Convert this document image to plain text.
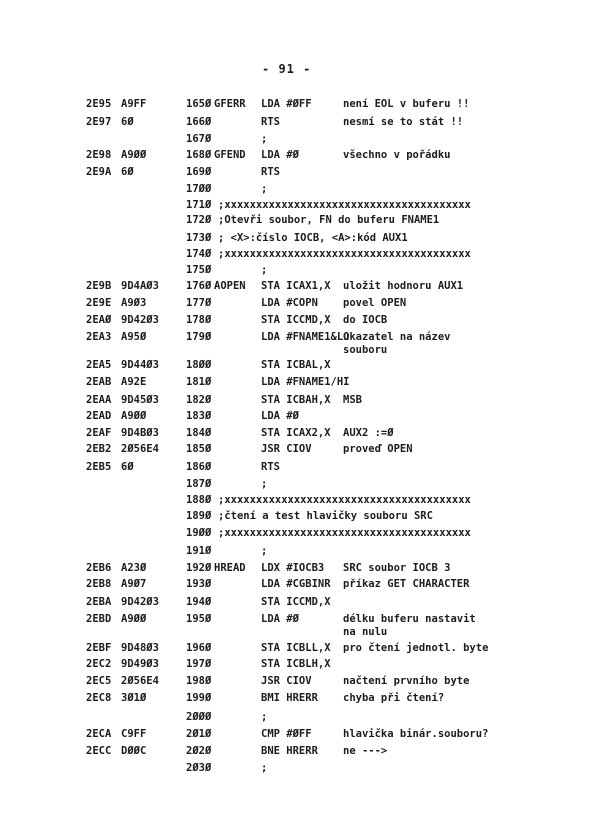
- 91 -
2E95 A9FF	165Ø GFERR LDA #ØFF	není EOL v buferu !!
2E97 6Ø	166Ø	RTS	nesmí se to stát !!
167Ø	;
2E98 A9ØØ	168Ø GFEND LDA #Ø	všechno v pořádku
2E9A 6Ø	169Ø	RTS
17ØØ	;
171Ø ;xxxxxxxxxxxxxxxxxxxxxxxxxxxxxxxxxxxxxxx
172Ø ;Otevři soubor, FN do buferu FNAME1
173Ø ; <X>:číslo IOCB, <A>:kód AUX1
174Ø ;xxxxxxxxxxxxxxxxxxxxxxxxxxxxxxxxxxxxxxx
175Ø	;
2E9B 9D4AØ3	176Ø AOPEN STA ICAX1,X uložit hodnoru AUX1
2E9E A9Ø3	177Ø	LDA #COPN povel OPEN
2EAØ 9D42Ø3	178Ø	STA ICCMD,X do IOCB
2EA3 A95Ø	179Ø	LDA #FNAME1&LO
ukazatel na název
souboru
2EA5 9D44Ø3	18ØØ	STA ICBAL,X
2EAB A92E	181Ø	LDA #FNAME1/HI
2EAA 9D45Ø3	182Ø	STA ICBAH,X MSB
2EAD A9ØØ	183Ø	LDA #Ø
2EAF 9D4BØ3	184Ø	STA ICAX2,X AUX2 :=Ø
2EB2 2Ø56E4	185Ø	JSR CIOV	proveď OPEN
2EB5 6Ø	186Ø	RTS
187Ø	;
188Ø ;xxxxxxxxxxxxxxxxxxxxxxxxxxxxxxxxxxxxxxx
189Ø ;čtení a test hlavičky souboru SRC
19ØØ ;xxxxxxxxxxxxxxxxxxxxxxxxxxxxxxxxxxxxxxx
191Ø	;
2EB6 A23Ø	192Ø HREAD LDX #IOCB3 SRC soubor IOCB 3
2EB8 A9Ø7	193Ø	LDA #CGBINR příkaz GET CHARACTER
2EBA 9D42Ø3	194Ø	STA ICCMD,X
2EBD A9ØØ	195Ø	LDA #Ø	délku buferu nastavit
na nulu
2EBF 9D48Ø3	196Ø	STA ICBLL,X pro čtení jednotl. byte
2EC2 9D49Ø3	197Ø	STA ICBLH,X
2EC5 2Ø56E4	198Ø	JSR CIOV	načtení prvního byte
2EC8 3Ø1Ø	199Ø	BMI HRERR chyba při čtení?
2ØØØ	;
2ECA C9FF	2Ø1Ø	CMP #ØFF	hlavička binár.souboru?
2ECC DØØC	2Ø2Ø	BNE HRERR ne --->
2Ø3Ø	;
